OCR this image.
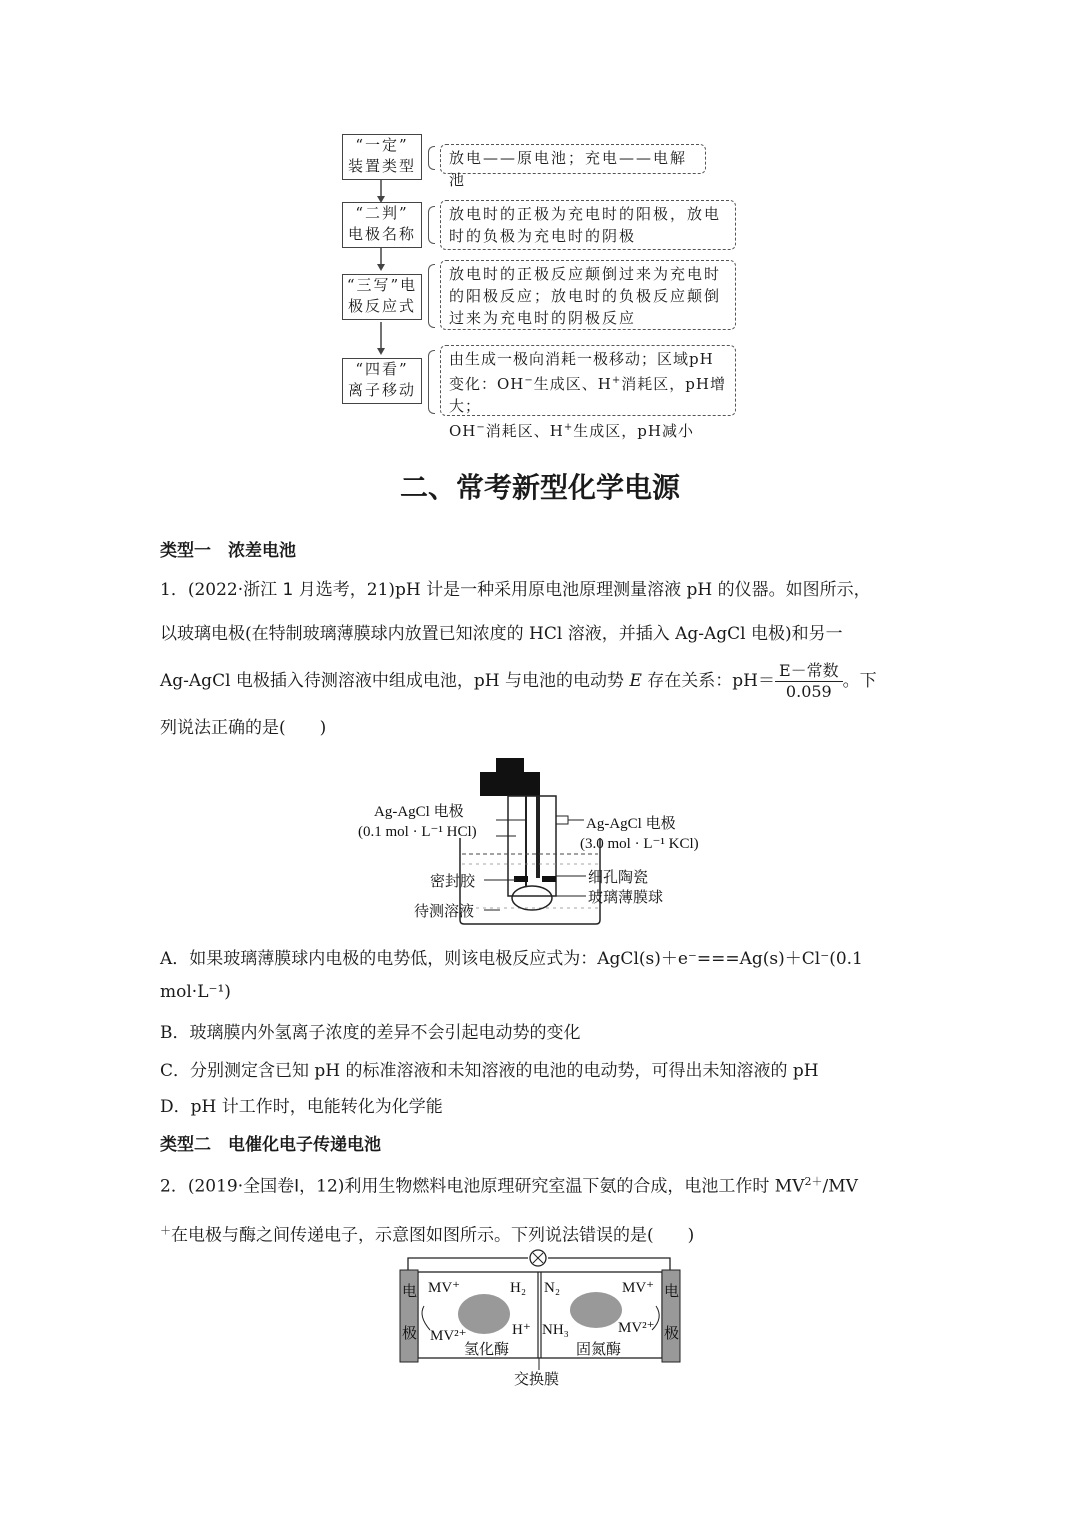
“一定”
装置类型	放电——原电池；充电——电解池
“二判”
电极名称
放电时的正极为充电时的阳极，放电时的负极为充电时的阴极
“三写”电
极反应式
放电时的正极反应颠倒过来为充电时的阳极反应；放电时的负极反应颠倒过来为充电时的阴极反应
“四看”
离子移动
由生成一极向消耗一极移动；区域pH
变化：OH−生成区、H+消耗区，pH增大；
OH−消耗区、H+生成区，pH减小
二、常考新型化学电源
类型一　浓差电池
1．(2022·浙江 1 月选考，21)pH 计是一种采用原电池原理测量溶液 pH 的仪器。如图所示，
以玻璃电极(在特制玻璃薄膜球内放置已知浓度的 HCl 溶液，并插入 Ag-AgCl 电极)和另一
Ag-AgCl 电极插入待测溶液中组成电池，pH 与电池的电动势 E 存在关系：$pH= \frac{\text{E－常数}}{0.059}$ 。下
列说法正确的是(　　)
Ag-AgCl 电极
(0.1 mol · L⁻¹ HCl)	Ag-AgCl 电极
(3.0 mol · L⁻¹ KCl)
密封胶
待测溶液
细孔陶瓷
玻璃薄膜球
A．如果玻璃薄膜球内电极的电势低，则该电极反应式为：AgCl(s)＋e⁻===Ag(s)＋Cl⁻(0.1
mol·L⁻¹)
B．玻璃膜内外氢离子浓度的差异不会引起电动势的变化
C．分别测定含已知 pH 的标准溶液和未知溶液的电池的电动势，可得出未知溶液的 pH
D．pH 计工作时，电能转化为化学能
类型二　电催化电子传递电池
2．(2019·全国卷Ⅰ，12)利用生物燃料电池原理研究室温下氨的合成，电池工作时 $MV^{2+}/MV$
＋在电极与酶之间传递电子，示意图如图所示。下列说法错误的是(　　)
电
极
电
极
MV⁺
MV²⁺
H₂
H⁺
N₂
NH₃
MV⁺
MV²⁺
氢化酶	固氮酶
交换膜
